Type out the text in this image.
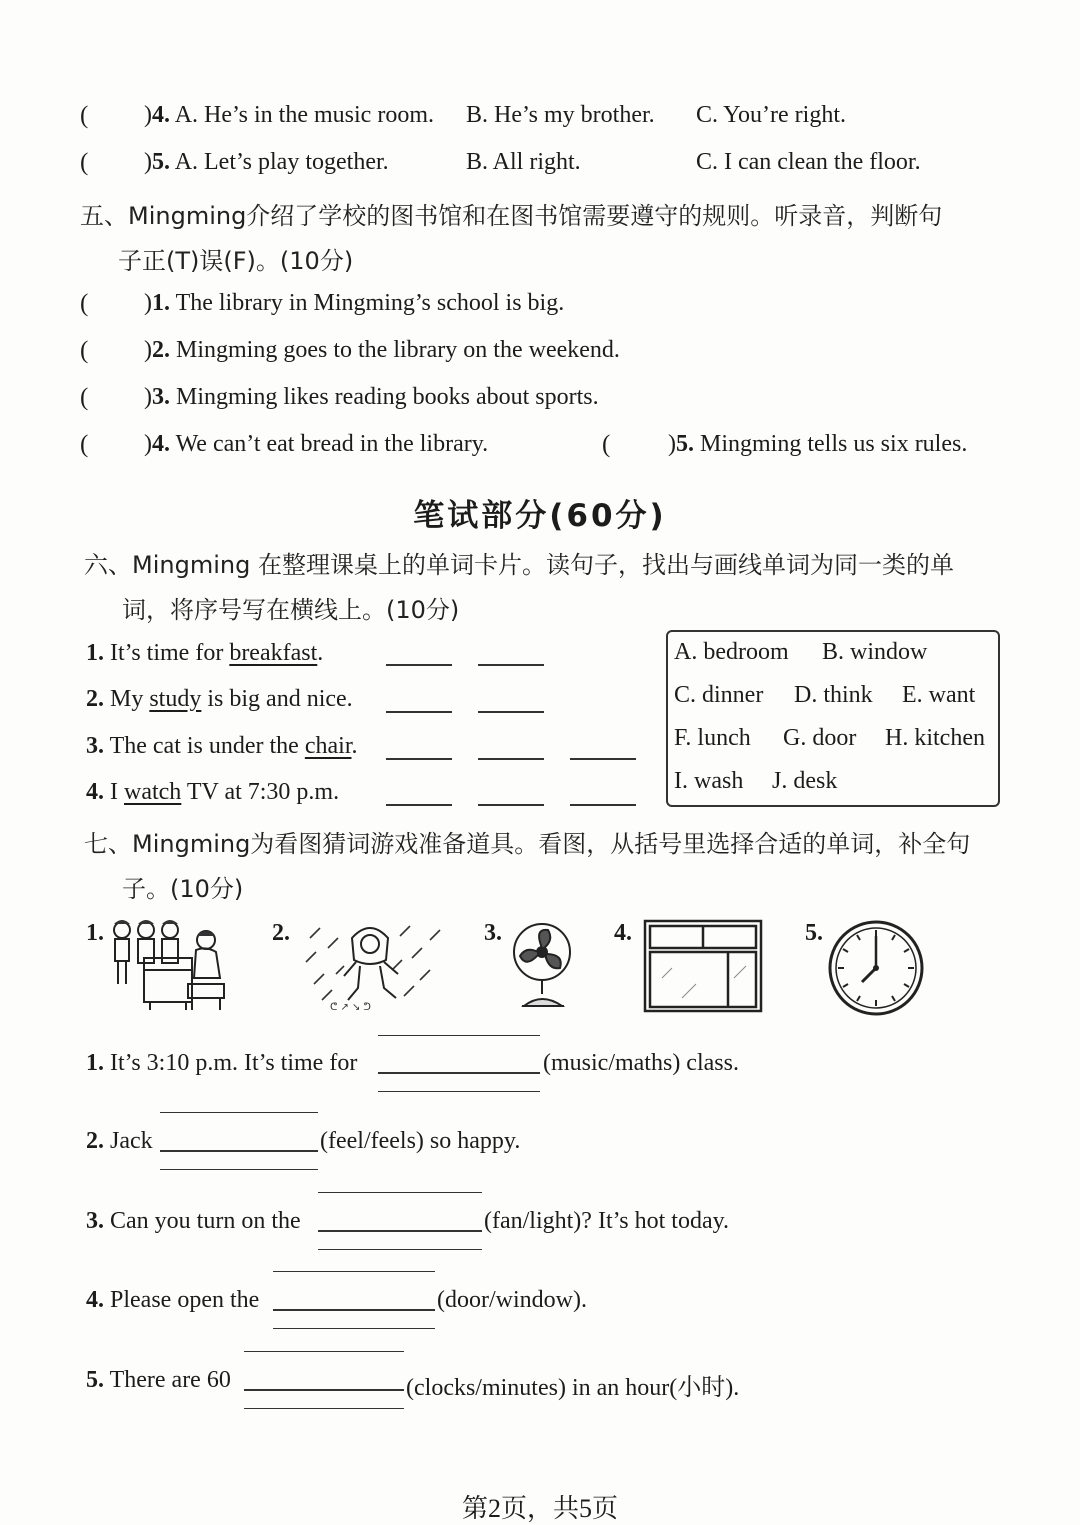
( )4. A. He’s in the music room. B. He’s my brother. C. You’re right.
( )5. A. Let’s play together.	B. All right.	C. I can clean the floor.
五、Mingming介绍了学校的图书馆和在图书馆需要遵守的规则。听录音，判断句
子正(T)误(F)。(10分)
( )1. The library in Mingming’s school is big.
( )2. Mingming goes to the library on the weekend.
( )3. Mingming likes reading books about sports.
( )4. We can’t eat bread in the library.	( )5. Mingming tells us six rules.
笔试部分(60分)
六、Mingming 在整理课桌上的单词卡片。读句子，找出与画线单词为同一类的单
词，将序号写在横线上。(10分)
1. It’s time for breakfast.
2. My study is big and nice.
3. The cat is under the chair.
4. I watch TV at 7:30 p.m.
A. bedroom B. window
C. dinner D. think E. want
F. lunch G. door H. kitchen
I. wash J. desk
七、Mingming为看图猜词游戏准备道具。看图，从括号里选择合适的单词，补全句
子。(10分)
1.	2.	3.	4.	5.
ᕦ ↗ ↘ ᕤ
1. It’s 3:10 p.m. It’s time for	(music/maths) class.
2. Jack	(feel/feels) so happy.
3. Can you turn on the	(fan/light)? It’s hot today.
4. Please open the	(door/window).
5. There are 60	(clocks/minutes) in an hour(小时).
第2页，共5页
